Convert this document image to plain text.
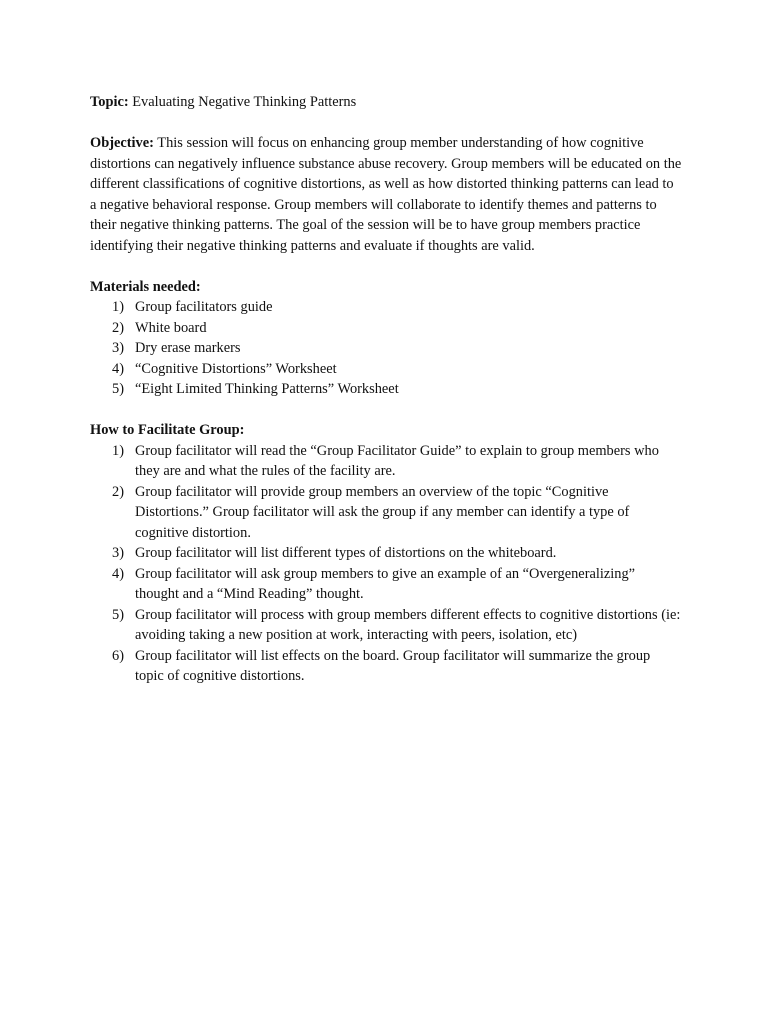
Topic: Evaluating Negative Thinking Patterns

Objective: This session will focus on enhancing group member understanding of how cognitive distortions can negatively influence substance abuse recovery. Group members will be educated on the different classifications of cognitive distortions, as well as how distorted thinking patterns can lead to a negative behavioral response. Group members will collaborate to identify themes and patterns to their negative thinking patterns. The goal of the session will be to have group members practice identifying their negative thinking patterns and evaluate if thoughts are valid.

Materials needed:
1) Group facilitators guide
2) White board
3) Dry erase markers
4) “Cognitive Distortions” Worksheet
5) “Eight Limited Thinking Patterns” Worksheet
How to Facilitate Group:
1) Group facilitator will read the “Group Facilitator Guide” to explain to group members who they are and what the rules of the facility are.
2) Group facilitator will provide group members an overview of the topic “Cognitive Distortions.” Group facilitator will ask the group if any member can identify a type of cognitive distortion.
3) Group facilitator will list different types of distortions on the whiteboard.
4) Group facilitator will ask group members to give an example of an “Overgeneralizing” thought and a “Mind Reading” thought.
5) Group facilitator will process with group members different effects to cognitive distortions (ie: avoiding taking a new position at work, interacting with peers, isolation, etc)
6) Group facilitator will list effects on the board. Group facilitator will summarize the group topic of cognitive distortions.
